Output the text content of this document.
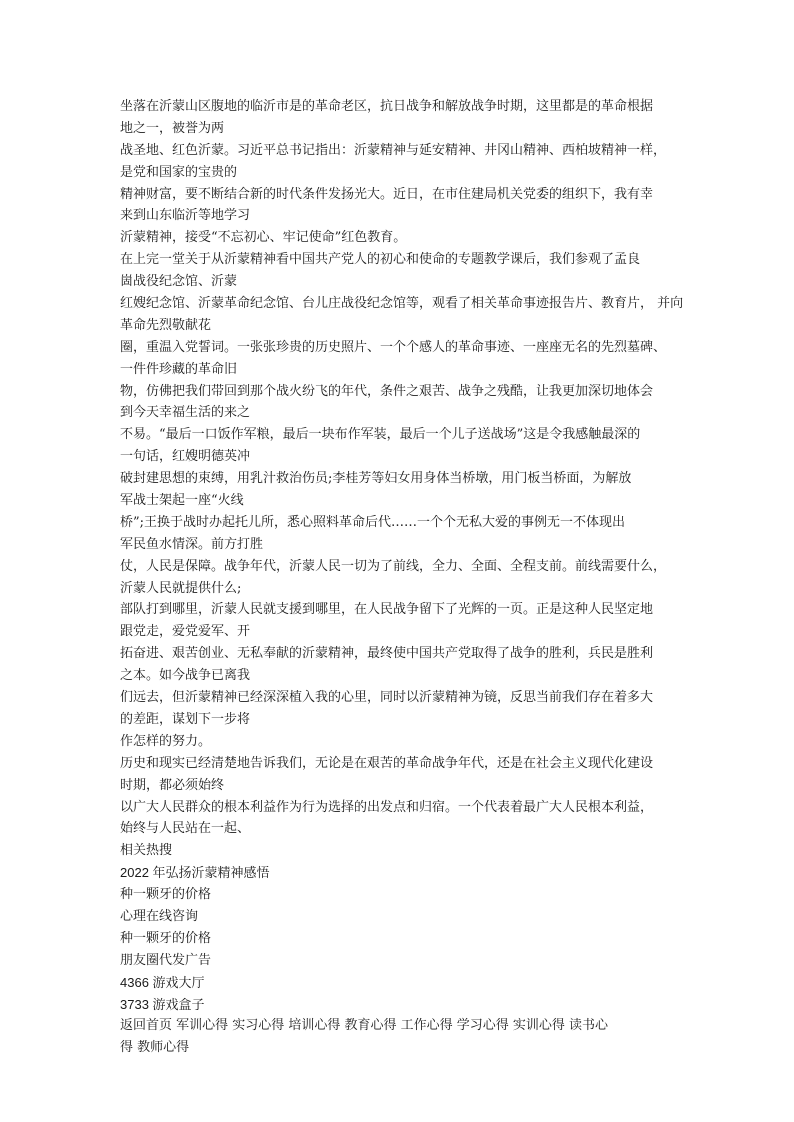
坐落在沂蒙山区腹地的临沂市是的革命老区，抗日战争和解放战争时期，这里都是的革命根据
地之一，被誉为两
战圣地、红色沂蒙。习近平总书记指出：沂蒙精神与延安精神、井冈山精神、西柏坡精神一样，
是党和国家的宝贵的
精神财富，要不断结合新的时代条件发扬光大。近日，在市住建局机关党委的组织下，我有幸
来到山东临沂等地学习
沂蒙精神，接受“不忘初心、牢记使命”红色教育。
在上完一堂关于从沂蒙精神看中国共产党人的初心和使命的专题教学课后，我们参观了孟良
崮战役纪念馆、沂蒙
红嫂纪念馆、沂蒙革命纪念馆、台儿庄战役纪念馆等，观看了相关革命事迹报告片、教育片， 并向
革命先烈敬献花
圈，重温入党誓词。一张张珍贵的历史照片、一个个感人的革命事迹、一座座无名的先烈墓碑、
一件件珍藏的革命旧
物，仿佛把我们带回到那个战火纷飞的年代，条件之艰苦、战争之残酷，让我更加深切地体会
到今天幸福生活的来之
不易。“最后一口饭作军粮，最后一块布作军装，最后一个儿子送战场”这是令我感触最深的
一句话，红嫂明德英冲
破封建思想的束缚，用乳汁救治伤员;李桂芳等妇女用身体当桥墩，用门板当桥面，为解放
军战士架起一座“火线
桥”;王换于战时办起托儿所，悉心照料革命后代……一个个无私大爱的事例无一不体现出
军民鱼水情深。前方打胜
仗，人民是保障。战争年代，沂蒙人民一切为了前线，全力、全面、全程支前。前线需要什么，
沂蒙人民就提供什么;
部队打到哪里，沂蒙人民就支援到哪里，在人民战争留下了光辉的一页。正是这种人民坚定地
跟党走，爱党爱军、开
拓奋进、艰苦创业、无私奉献的沂蒙精神，最终使中国共产党取得了战争的胜利，兵民是胜利
之本。如今战争已离我
们远去，但沂蒙精神已经深深植入我的心里，同时以沂蒙精神为镜，反思当前我们存在着多大
的差距，谋划下一步将
作怎样的努力。
历史和现实已经清楚地告诉我们，无论是在艰苦的革命战争年代，还是在社会主义现代化建设
时期，都必须始终
以广大人民群众的根本利益作为行为选择的出发点和归宿。一个代表着最广大人民根本利益，
始终与人民站在一起、
相关热搜
2022 年弘扬沂蒙精神感悟
种一颗牙的价格
心理在线咨询
种一颗牙的价格
朋友圈代发广告
4366 游戏大厅
3733 游戏盒子
返回首页 军训心得 实习心得 培训心得 教育心得 工作心得 学习心得 实训心得 读书心
得 教师心得
